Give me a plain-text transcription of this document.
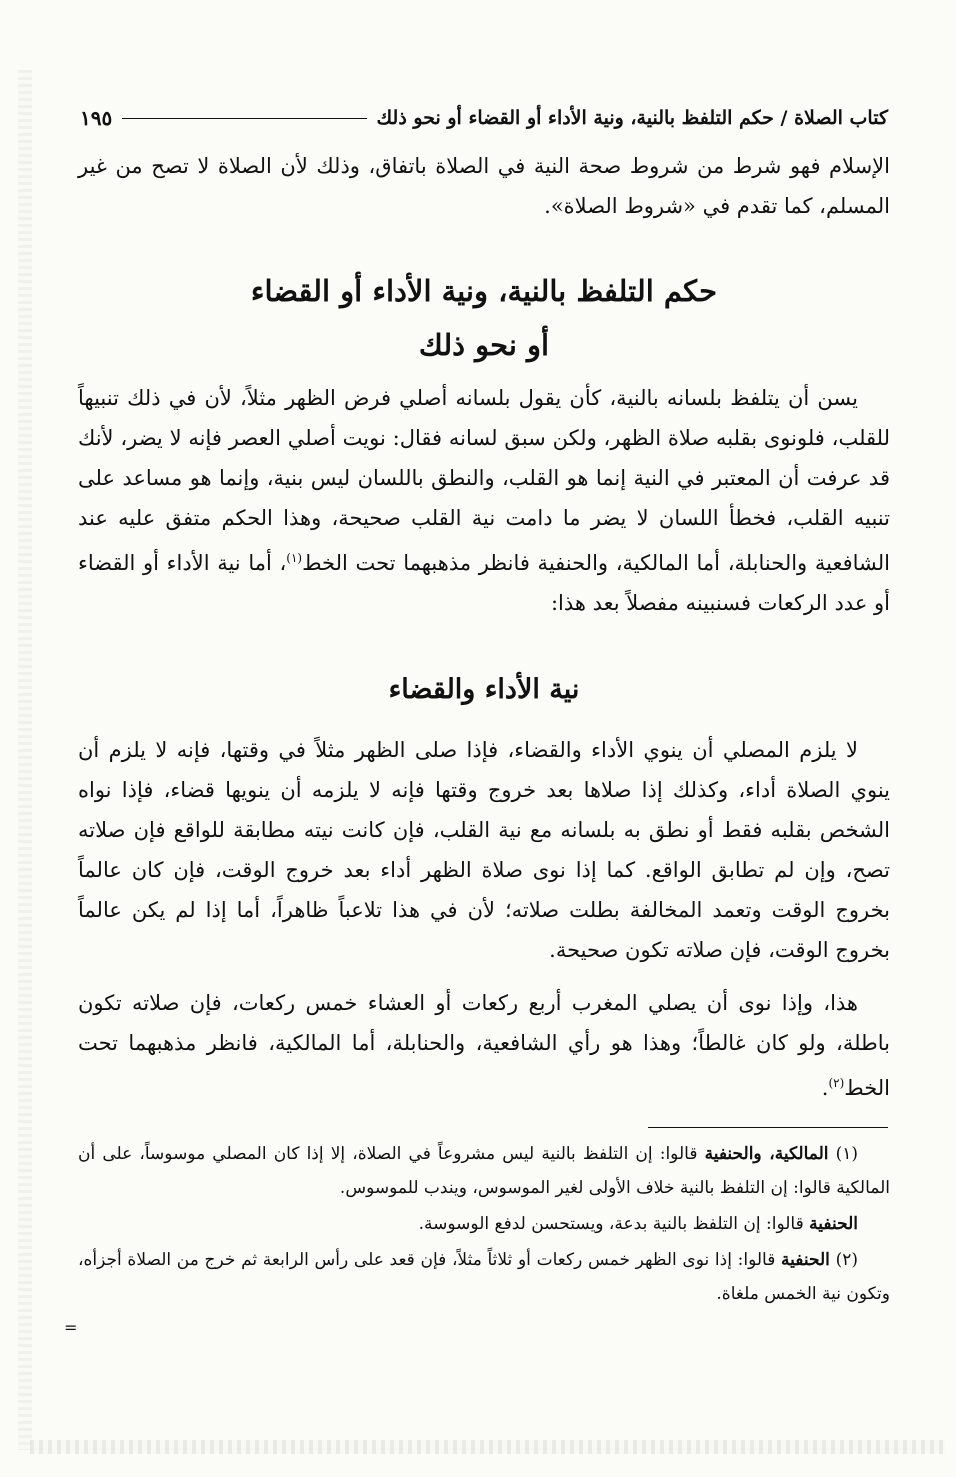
كتاب الصلاة / حكم التلفظ بالنية، ونية الأداء أو القضاء أو نحو ذلك
١٩٥

الإسلام فهو شرط من شروط صحة النية في الصلاة باتفاق، وذلك لأن الصلاة لا تصح من غير المسلم، كما تقدم في «شروط الصلاة».

حكم التلفظ بالنية، ونية الأداء أو القضاء
أو نحو ذلك
يسن أن يتلفظ بلسانه بالنية، كأن يقول بلسانه أصلي فرض الظهر مثلاً، لأن في ذلك تنبيهاً للقلب، فلونوى بقلبه صلاة الظهر، ولكن سبق لسانه فقال: نويت أصلي العصر فإنه لا يضر، لأنك قد عرفت أن المعتبر في النية إنما هو القلب، والنطق باللسان ليس بنية، وإنما هو مساعد على تنبيه القلب، فخطأ اللسان لا يضر ما دامت نية القلب صحيحة، وهذا الحكم متفق عليه عند الشافعية والحنابلة، أما المالكية، والحنفية فانظر مذهبهما تحت الخط$^{(١)}$، أما نية الأداء أو القضاء أو عدد الركعات فسنبينه مفصلاً بعد هذا:
نية الأداء والقضاء
لا يلزم المصلي أن ينوي الأداء والقضاء، فإذا صلى الظهر مثلاً في وقتها، فإنه لا يلزم أن ينوي الصلاة أداء، وكذلك إذا صلاها بعد خروج وقتها فإنه لا يلزمه أن ينويها قضاء، فإذا نواه الشخص بقلبه فقط أو نطق به بلسانه مع نية القلب، فإن كانت نيته مطابقة للواقع فإن صلاته تصح، وإن لم تطابق الواقع. كما إذا نوى صلاة الظهر أداء بعد خروج الوقت، فإن كان عالماً بخروج الوقت وتعمد المخالفة بطلت صلاته؛ لأن في هذا تلاعباً ظاهراً، أما إذا لم يكن عالماً بخروج الوقت، فإن صلاته تكون صحيحة.
هذا، وإذا نوى أن يصلي المغرب أربع ركعات أو العشاء خمس ركعات، فإن صلاته تكون باطلة، ولو كان غالطاً؛ وهذا هو رأي الشافعية، والحنابلة، أما المالكية، فانظر مذهبهما تحت الخط$^{(٢)}$.

(١) المالكية، والحنفية قالوا: إن التلفظ بالنية ليس مشروعاً في الصلاة، إلا إذا كان المصلي موسوساً، على أن المالكية قالوا: إن التلفظ بالنية خلاف الأولى لغير الموسوس، ويندب للموسوس.

الحنفية قالوا: إن التلفظ بالنية بدعة، ويستحسن لدفع الوسوسة.

(٢) الحنفية قالوا: إذا نوى الظهر خمس ركعات أو ثلاثاً مثلاً، فإن قعد على رأس الرابعة ثم خرج من الصلاة أجزأه، وتكون نية الخمس ملغاة.

=
